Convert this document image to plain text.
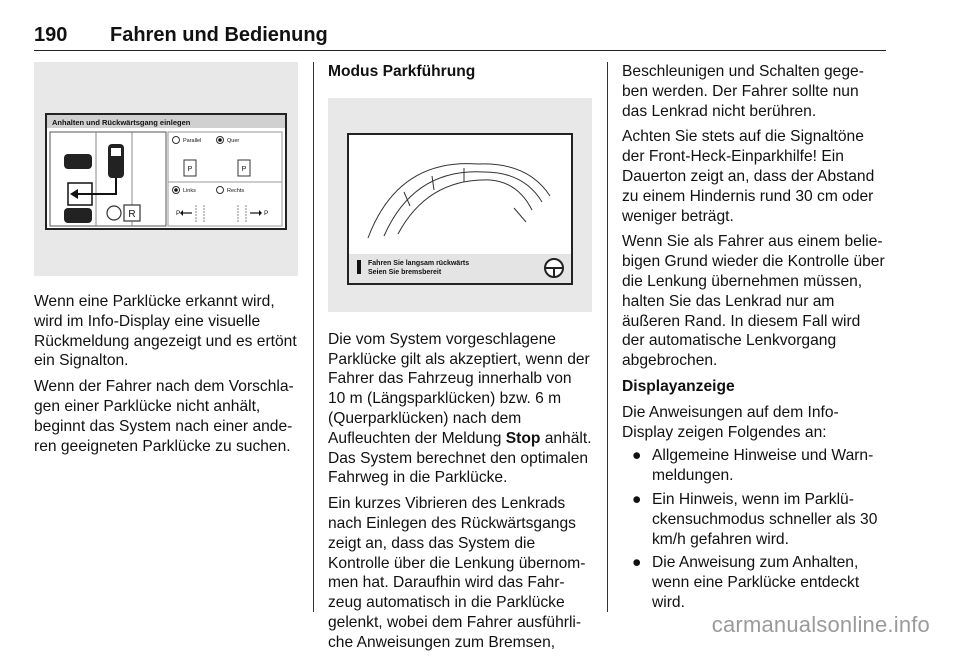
190 Fahren und Bedienung
Anhalten und Rückwärtsgang einlegen
R
Parallel	Quer
P	P
Links	Rechts
P	P

Wenn eine Parklücke erkannt wird, wird im Info-Display eine visuelle Rückmeldung angezeigt und es ertönt ein Signalton.

Wenn der Fahrer nach dem Vorschla-gen einer Parklücke nicht anhält, beginnt das System nach einer ande-ren geeigneten Parklücke zu suchen.

Modus Parkführung

Fahren Sie langsam rückwärts
Seien Sie bremsbereit

Die vom System vorgeschlagene Parklücke gilt als akzeptiert, wenn der Fahrer das Fahrzeug innerhalb von 10 m (Längsparklücken) bzw. 6 m (Querparklücken) nach dem Aufleuchten der Meldung Stop anhält. Das System berechnet den optimalen Fahrweg in die Parklücke.

Ein kurzes Vibrieren des Lenkrads nach Einlegen des Rückwärtsgangs zeigt an, dass das System die Kontrolle über die Lenkung übernom-men hat. Daraufhin wird das Fahr-zeug automatisch in die Parklücke gelenkt, wobei dem Fahrer ausführli-che Anweisungen zum Bremsen,

Beschleunigen und Schalten gege-ben werden. Der Fahrer sollte nun das Lenkrad nicht berühren.

Achten Sie stets auf die Signaltöne der Front-Heck-Einparkhilfe! Ein Dauerton zeigt an, dass der Abstand zu einem Hindernis rund 30 cm oder weniger beträgt.

Wenn Sie als Fahrer aus einem belie-bigen Grund wieder die Kontrolle über die Lenkung übernehmen müssen, halten Sie das Lenkrad nur am äußeren Rand. In diesem Fall wird der automatische Lenkvorgang abgebrochen.

Displayanzeige

Die Anweisungen auf dem Info-Display zeigen Folgendes an:

● Allgemeine Hinweise und Warn-meldungen.
● Ein Hinweis, wenn im Parklü-ckensuchmodus schneller als 30 km/h gefahren wird.
● Die Anweisung zum Anhalten, wenn eine Parklücke entdeckt wird.
carmanualsonline.info
